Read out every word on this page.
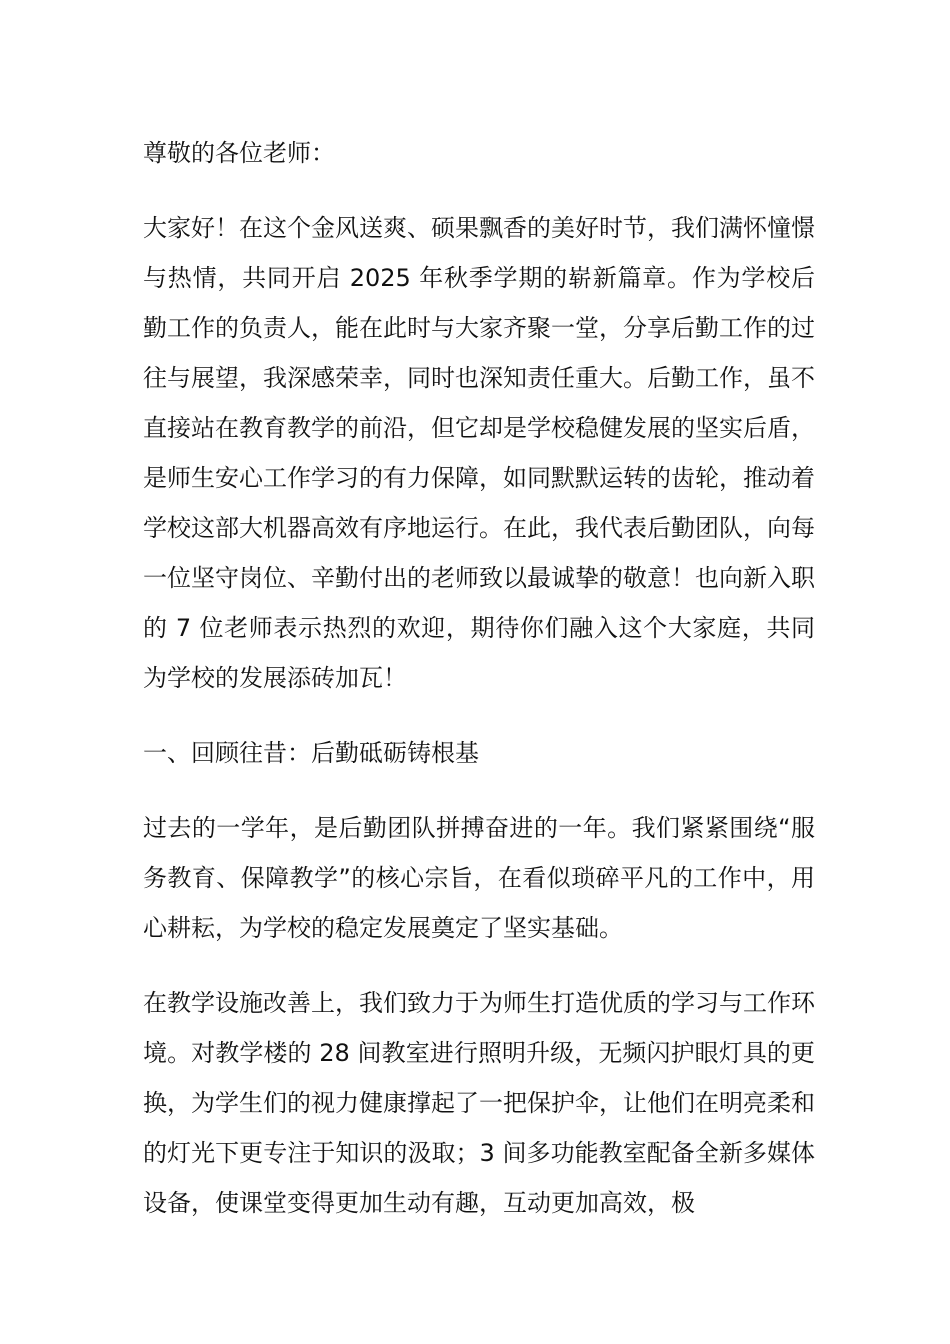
尊敬的各位老师：

大家好！在这个金风送爽、硕果飘香的美好时节，我们满怀憧憬与热情，共同开启 2025 年秋季学期的崭新篇章。作为学校后勤工作的负责人，能在此时与大家齐聚一堂，分享后勤工作的过往与展望，我深感荣幸，同时也深知责任重大。后勤工作，虽不直接站在教育教学的前沿，但它却是学校稳健发展的坚实后盾，是师生安心工作学习的有力保障，如同默默运转的齿轮，推动着学校这部大机器高效有序地运行。在此，我代表后勤团队，向每一位坚守岗位、辛勤付出的老师致以最诚挚的敬意！也向新入职的 7 位老师表示热烈的欢迎，期待你们融入这个大家庭，共同为学校的发展添砖加瓦！

一、回顾往昔：后勤砥砺铸根基

过去的一学年，是后勤团队拼搏奋进的一年。我们紧紧围绕“服务教育、保障教学”的核心宗旨，在看似琐碎平凡的工作中，用心耕耘，为学校的稳定发展奠定了坚实基础。

在教学设施改善上，我们致力于为师生打造优质的学习与工作环境。对教学楼的 28 间教室进行照明升级，无频闪护眼灯具的更换，为学生们的视力健康撑起了一把保护伞，让他们在明亮柔和的灯光下更专注于知识的汲取；3 间多功能教室配备全新多媒体设备，使课堂变得更加生动有趣，互动更加高效，极
